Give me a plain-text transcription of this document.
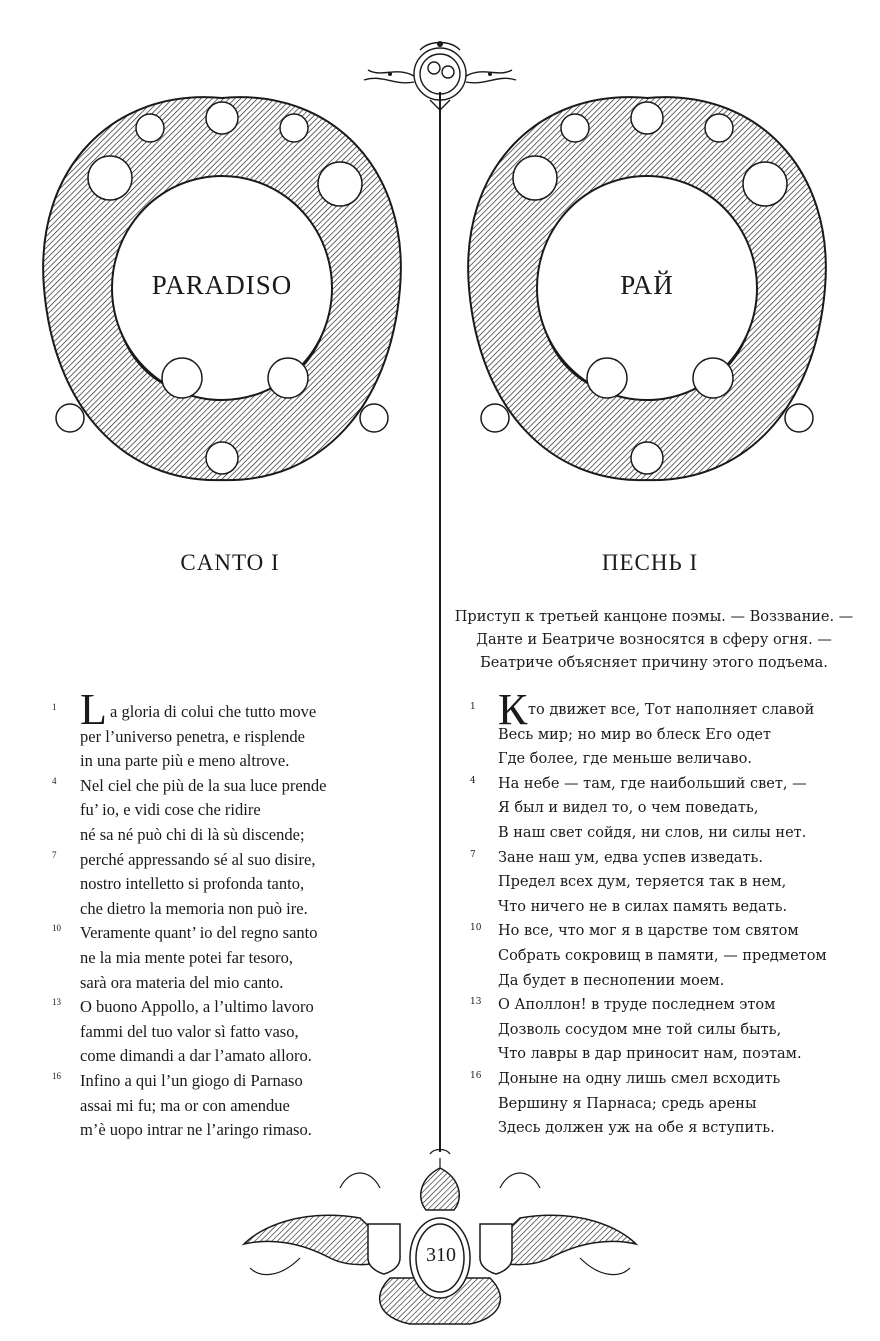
PARADISO	РАЙ
CANTO I	ПЕСНЬ I
Приступ к третьей канцоне поэмы. — Воззвание. — Данте и Беатриче возносятся в сферу огня. — Беатриче объясняет причину этого подъема.
1 L a gloria di colui che tutto move
per l’universo penetra, e risplende
in una parte più e meno altrove.
4	Nel ciel che più de la sua luce prende
fu’ io, e vidi cose che ridire
né sa né può chi di là sù discende;
7	perché appressando sé al suo disire,
nostro intelletto si profonda tanto,
che dietro la memoria non può ire.
10	Veramente quant’ io del regno santo
ne la mia mente potei far tesoro,
sarà ora materia del mio canto.
13	O buono Appollo, a l’ultimo lavoro
fammi del tuo valor sì fatto vaso,
come dimandi a dar l’amato alloro.
16	Infino a qui l’un giogo di Parnaso
assai mi fu; ma or con amendue
m’è uopo intrar ne l’aringo rimaso.
1 К то движет все, Тот наполняет славой
Весь мир; но мир во блеск Его одет
Где более, где меньше величаво.
4	На небе — там, где наибольший свет, —
Я был и видел то, о чем поведать,
В наш свет сойдя, ни слов, ни силы нет.
7	Зане наш ум, едва успев изведать.
Предел всех дум, теряется так в нем,
Что ничего не в силах память ведать.
10	Но все, что мог я в царстве том святом
Собрать сокровищ в памяти, — предметом
Да будет в песнопении моем.
13	О Аполлон! в труде последнем этом
Дозволь сосудом мне той силы быть,
Что лавры в дар приносит нам, поэтам.
16	Доныне на одну лишь смел всходить
Вершину я Парнаса; средь арены
Здесь должен уж на обе я вступить.
310
